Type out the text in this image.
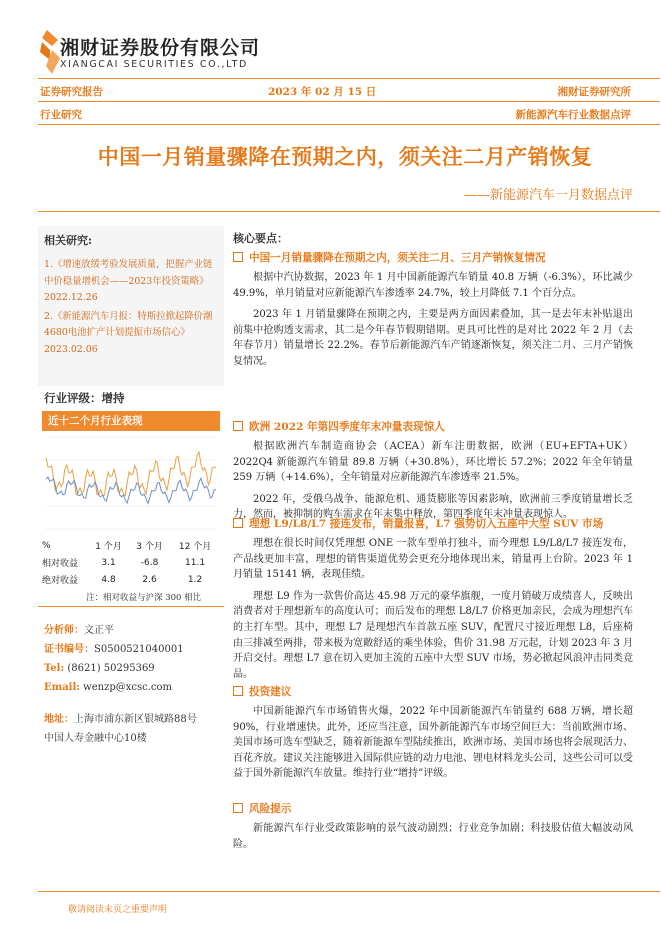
湘财证券股份有限公司
XIANGCAI SECURITIES CO.,LTD
证券研究报告	2023 年 02 月 15 日	湘财证券研究所
行业研究	新能源汽车行业数据点评
中国一月销量骤降在预期之内，须关注二月产销恢复
——新能源汽车一月数据点评
相关研究:

1.《增速放缓考验发展质量，把握产业链中价稳量增机会——2023年投资策略》 2022.12.26

2.《新能源汽车月报：特斯拉掀起降价潮 4680电池扩产计划提振市场信心》 2023.02.06

行业评级：增持
近十二个月行业表现
%	1 个月	3 个月	12 个月
相对收益	3.1	-6.8	11.1
绝对收益	4.8	2.6	1.2
注：相对收益与沪深 300 相比
分析师：文正平
证书编号：S0500521040001
Tel: (8621) 50295369
Email: wenzp@xcsc.com
地址：上海市浦东新区银城路88号
中国人寿金融中心10楼
核心要点：
中国一月销量骤降在预期之内，须关注二月、三月产销恢复情况
根据中汽协数据，2023 年 1 月中国新能源汽车销量 40.8 万辆（-6.3%），环比减少 49.9%，单月销量对应新能源汽车渗透率 24.7%，较上月降低 7.1 个百分点。
2023 年 1 月销量骤降在预期之内，主要是两方面因素叠加，其一是去年末补贴退出前集中抢购透支需求，其二是今年春节假期错期。更具可比性的是对比 2022 年 2 月（去年春节月）销量增长 22.2%。春节后新能源汽车产销逐渐恢复，须关注二月、三月产销恢复情况。
欧洲 2022 年第四季度年末冲量表现惊人
根据欧洲汽车制造商协会（ACEA）新车注册数据，欧洲（EU+EFTA+UK）2022Q4 新能源汽车销量 89.8 万辆（+30.8%），环比增长 57.2%；2022 年全年销量 259 万辆（+14.6%），全年销量对应新能源汽车渗透率 21.5%。
2022 年，受俄乌战争、能源危机、通货膨胀等因素影响，欧洲前三季度销量增长乏力，然而，被抑制的购车需求在年末集中释放，第四季度年末冲量表现惊人。
理想 L9/L8/L7 接连发布，销量报喜，L7 强势切入五座中大型 SUV 市场
理想在很长时间仅凭理想 ONE 一款车型单打独斗，而今理想 L9/L8/L7 接连发布，产品线更加丰富，理想的销售渠道优势会更充分地体现出来，销量再上台阶。2023 年 1 月销量 15141 辆，表现佳绩。
理想 L9 作为一款售价高达 45.98 万元的豪华旗舰，一度月销破万成绩喜人，反映出消费者对于理想新车的高度认可；而后发布的理想 L8/L7 价格更加亲民，会成为理想汽车的主打车型。其中，理想 L7 是理想汽车首款五座 SUV，配置尺寸接近理想 L8，后座椅由三排减至两排，带来极为宽敞舒适的乘坐体验，售价 31.98 万元起，计划 2023 年 3 月开启交付。理想 L7 意在切入更加主流的五座中大型 SUV 市场，势必掀起风浪冲击同类竞品。
投资建议
中国新能源汽车市场销售火爆，2022 年中国新能源汽车销量约 688 万辆，增长超 90%，行业增速快。此外，还应当注意，国外新能源汽车市场空间巨大：当前欧洲市场、美国市场可选车型缺乏，随着新能源车型陆续推出，欧洲市场、美国市场也将会展现活力、百花齐放。建议关注能够进入国际供应链的动力电池、锂电材料龙头公司，这些公司可以受益于国外新能源汽车放量。维持行业“增持”评级。
风险提示
新能源汽车行业受政策影响的景气波动剧烈；行业竞争加剧；科技股估值大幅波动风险。
敬请阅读末页之重要声明
